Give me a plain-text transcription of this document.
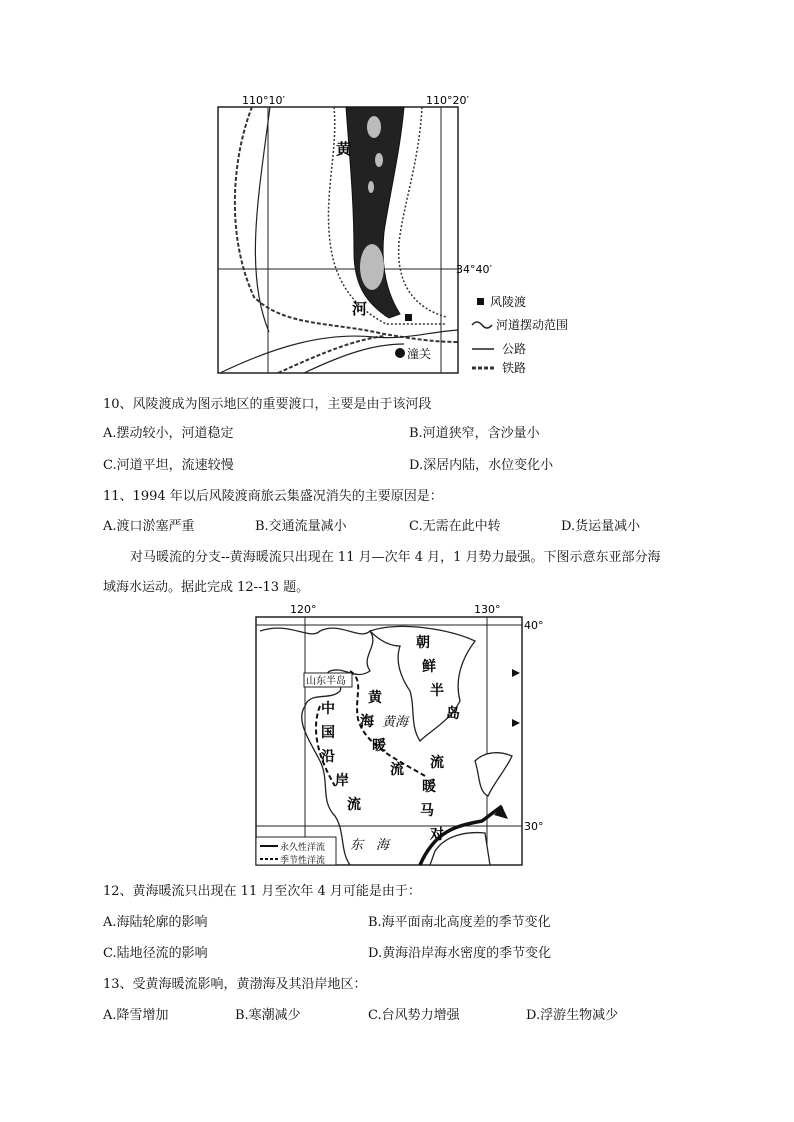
110°10′	110°20′
34°40′
黄
河
潼关
风陵渡
河道摆动范围
公路
铁路
10、风陵渡成为图示地区的重要渡口，主要是由于该河段
A.摆动较小，河道稳定	B.河道狭窄，含沙量小
C.河道平坦，流速较慢	D.深居内陆，水位变化小
11、1994 年以后风陵渡商旅云集盛况消失的主要原因是：
A.渡口淤塞严重	B.交通流量减小	C.无需在此中转	D.货运量减小
对马暖流的分支--黄海暖流只出现在 11 月—次年 4 月，1 月势力最强。下图示意东亚部分海
域海水运动。据此完成 12--13 题。
120°	130°
40°
30°
山东半岛
朝
鲜
半
岛
中
国
沿
岸
流
黄
海
暖
流
黄海
流
暖
马
对
东　海
永久性洋流
季节性洋流
12、黄海暖流只出现在 11 月至次年 4 月可能是由于：
A.海陆轮廓的影响	B.海平面南北高度差的季节变化
C.陆地径流的影响	D.黄海沿岸海水密度的季节变化
13、受黄海暖流影响，黄渤海及其沿岸地区：
A.降雪增加	B.寒潮减少	C.台风势力增强	D.浮游生物减少
